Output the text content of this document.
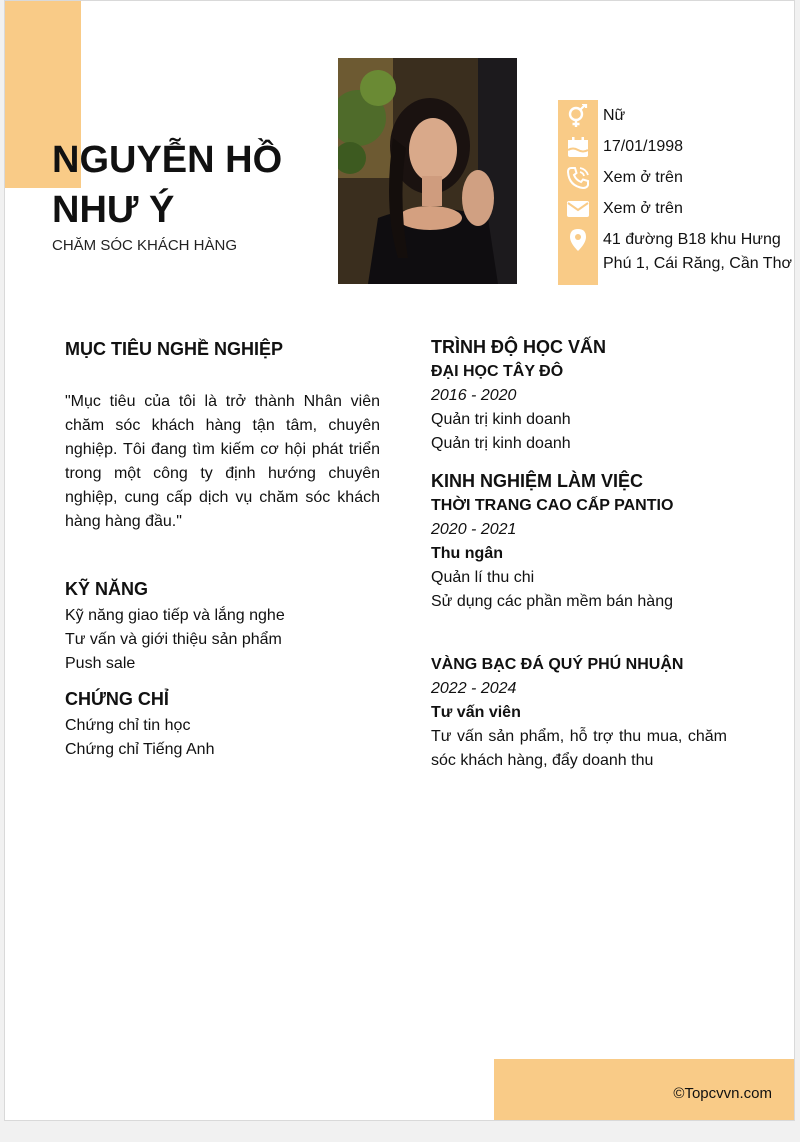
NGUYỄN HỒ NHƯ Ý
CHĂM SÓC KHÁCH HÀNG
Nữ
17/01/1998
Xem ở trên
Xem ở trên
41 đường B18 khu Hưng Phú 1, Cái Răng, Cần Thơ
MỤC TIÊU NGHỀ NGHIỆP
"Mục tiêu của tôi là trở thành Nhân viên chăm sóc khách hàng tận tâm, chuyên nghiệp. Tôi đang tìm kiếm cơ hội phát triển trong một công ty định hướng chuyên nghiệp, cung cấp dịch vụ chăm sóc khách hàng hàng đầu."
KỸ NĂNG
Kỹ năng giao tiếp và lắng nghe
Tư vấn và giới thiệu sản phẩm
Push sale
CHỨNG CHỈ
Chứng chỉ tin học
Chứng chỉ Tiếng Anh
TRÌNH ĐỘ HỌC VẤN
ĐẠI HỌC TÂY ĐÔ
2016 - 2020
Quản trị kinh doanh
Quản trị kinh doanh
KINH NGHIỆM LÀM VIỆC
THỜI TRANG CAO CẤP PANTIO
2020 - 2021
Thu ngân
Quản lí thu chi
Sử dụng các phần mềm bán hàng
VÀNG BẠC ĐÁ QUÝ PHÚ NHUẬN
2022 - 2024
Tư vấn viên
Tư vấn sản phẩm, hỗ trợ thu mua, chăm sóc khách hàng, đẩy doanh thu
©Topcvvn.com
